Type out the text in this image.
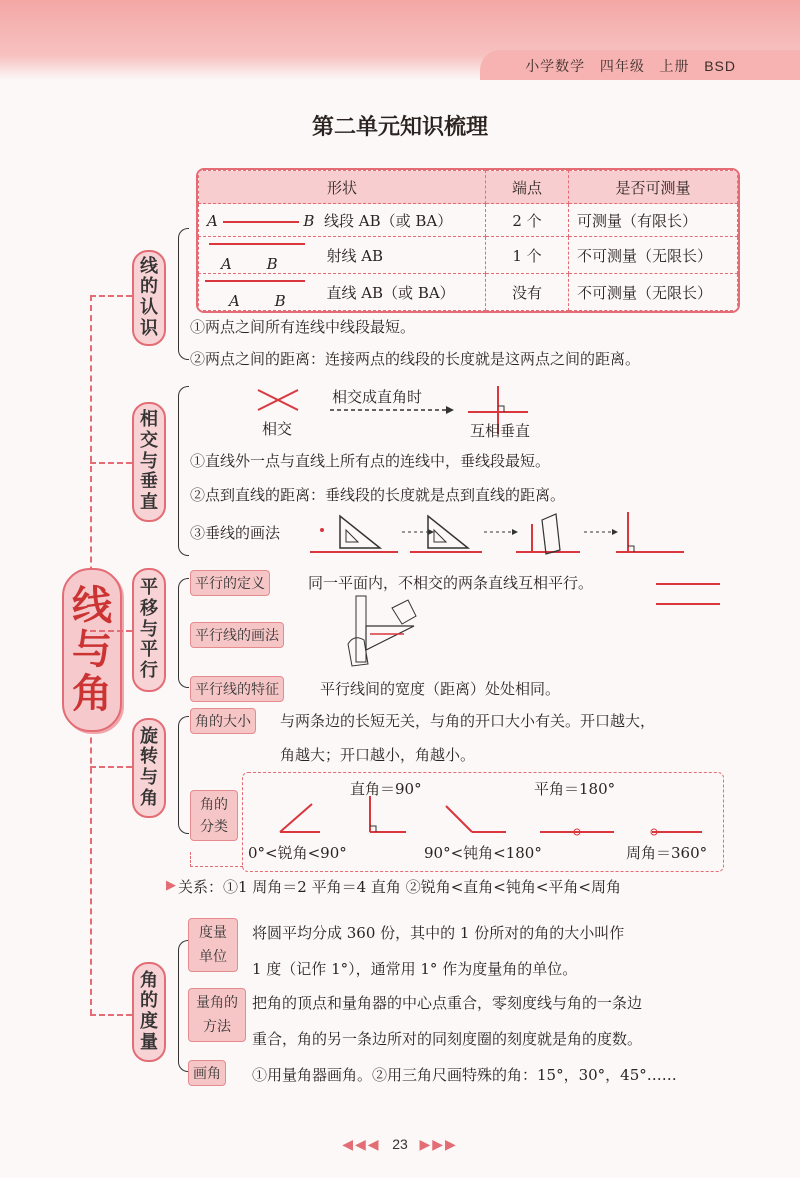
小学数学 四年级 上册 BSD
第二单元知识梳理
线
与
角
线
的
认
识
形状	端点	是否可测量
A B 线段 AB（或 BA）	2 个	可测量（有限长）

A B 射线 AB	1 个	不可测量（无限长）

A B 直线 AB（或 BA）	没有	不可测量（无限长）
①两点之间所有连线中线段最短。
②两点之间的距离：连接两点的线段的长度就是这两点之间的距离。
相
交
与
垂
直
相交
相交成直角时
互相垂直
①直线外一点与直线上所有点的连线中，垂线段最短。
②点到直线的距离：垂线段的长度就是点到直线的距离。
③垂线的画法
平
移
与
平
行
平行的定义	同一平面内，不相交的两条直线互相平行。
平行线的画法
平行线的特征	平行线间的宽度（距离）处处相同。
旋
转
与
角
角的大小	与两条边的长短无关，与角的开口大小有关。开口越大，
角越大；开口越小，角越小。
角的
分类
直角＝90°	平角＝180°
0°<锐角<90°	90°<钝角<180°	周角＝360°
▶ 关系：①1 周角＝2 平角＝4 直角 ②锐角<直角<钝角<平角<周角
角
的
度
量
度量
单位
将圆平均分成 360 份，其中的 1 份所对的角的大小叫作
1 度（记作 1°），通常用 1° 作为度量角的单位。
量角的
方法
把角的顶点和量角器的中心点重合，零刻度线与角的一条边
重合，角的另一条边所对的同刻度圈的刻度就是角的度数。
画角	①用量角器画角。②用三角尺画特殊的角：15°，30°，45°……
◀◀◀ 23 ▶▶▶
